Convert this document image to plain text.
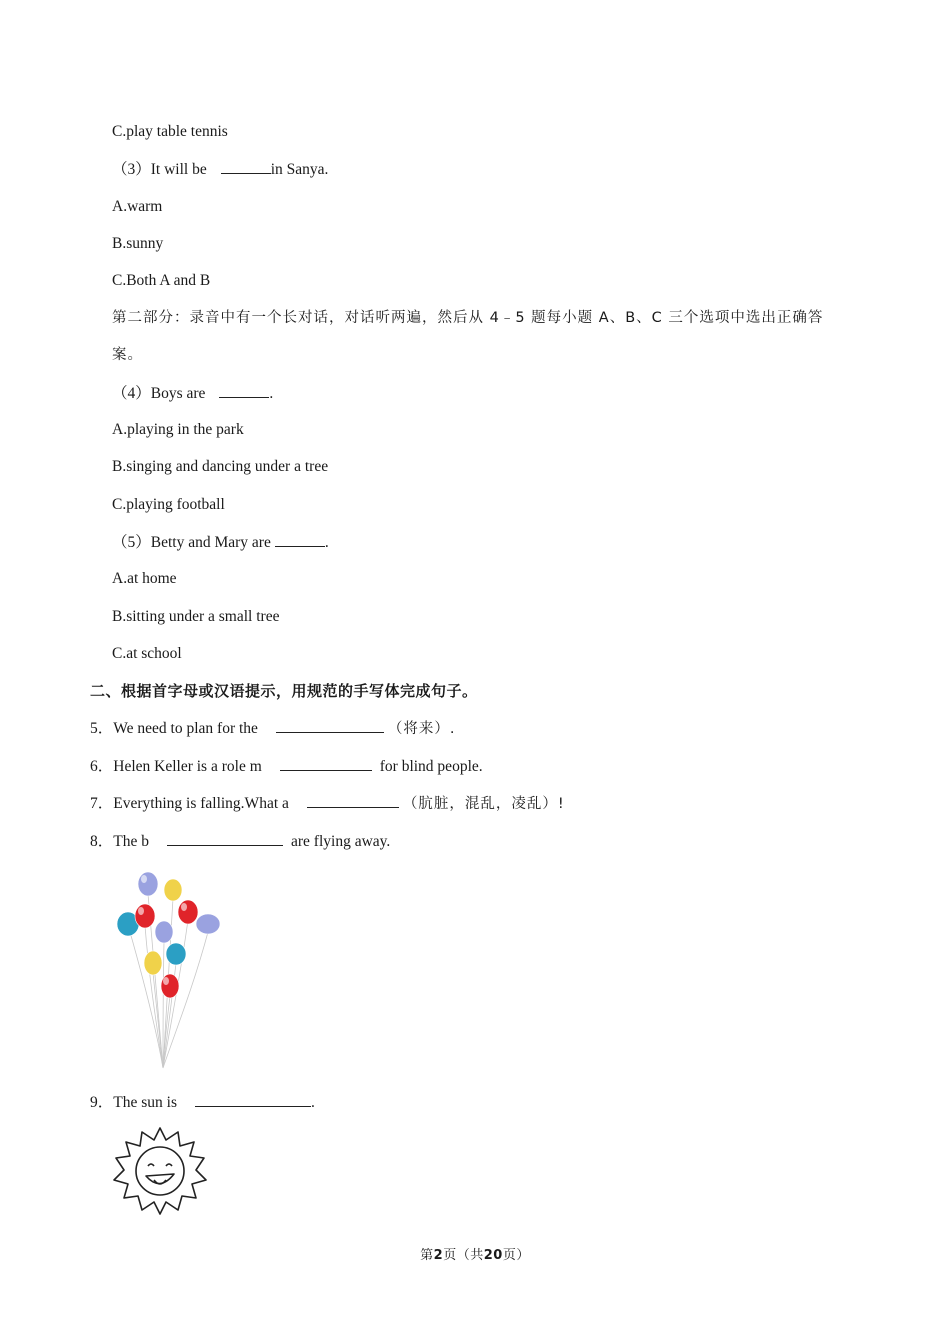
C.play table tennis
（3）It will be	in Sanya.
A.warm
B.sunny
C.Both A and B
第二部分：录音中有一个长对话，对话听两遍，然后从 4﹣5 题每小题 A、B、C 三个选项中选出正确答
案。
（4）Boys are	.
A.playing in the park
B.singing and dancing under a tree
C.playing football
（5）Betty and Mary are	.
A.at home
B.sitting under a small tree
C.at school
二、根据首字母或汉语提示，用规范的手写体完成句子。
5．We need to plan for the	（将来）.
6．Helen Keller is a role m	for blind people.
7．Everything is falling.What a	（肮脏，混乱，凌乱）!
8．The b	are flying away.
9．The sun is	.
第2页（共20页）
